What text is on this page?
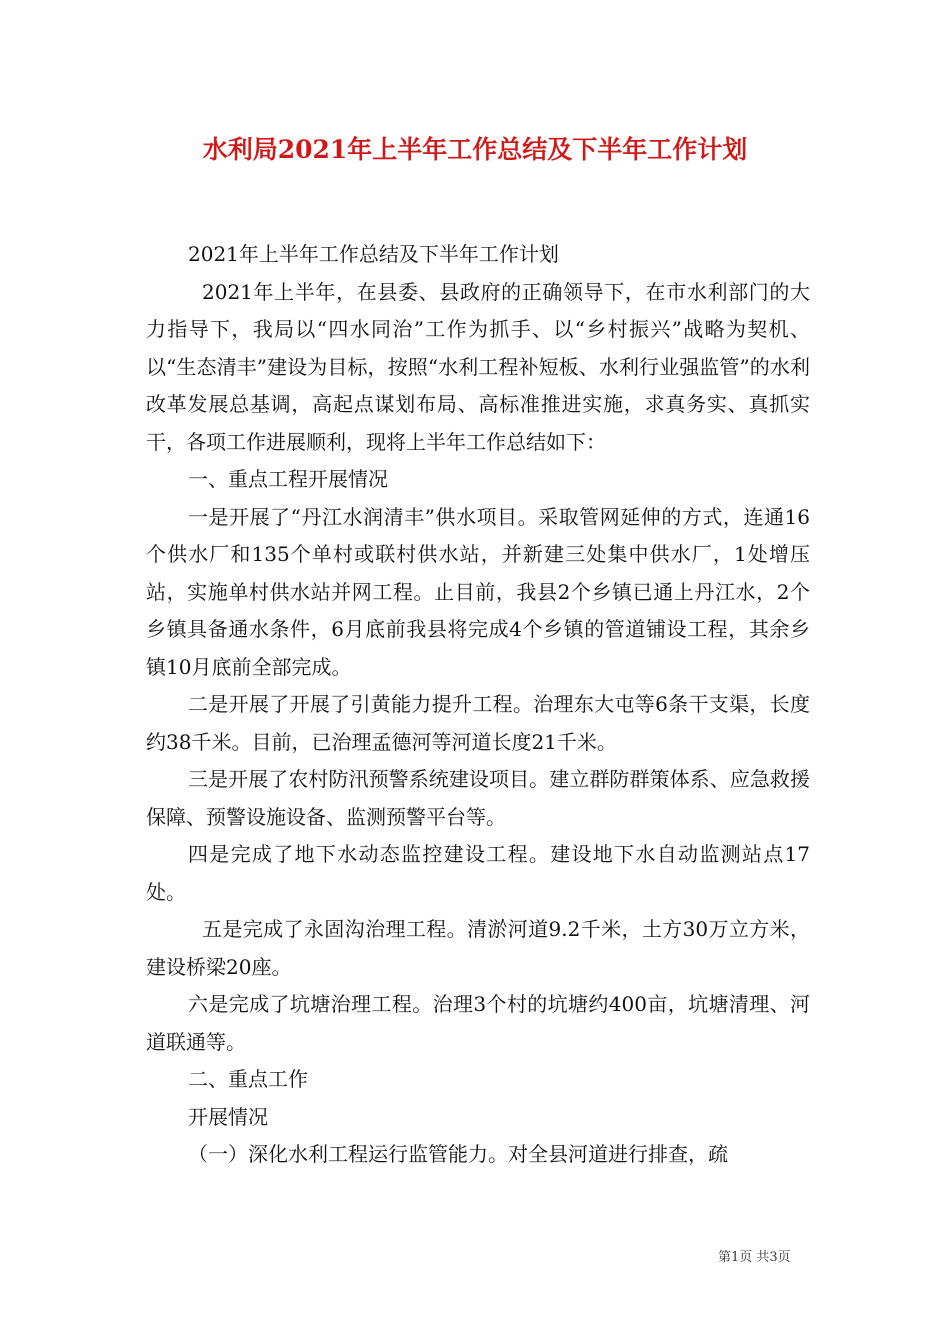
水利局2021年上半年工作总结及下半年工作计划

2021年上半年工作总结及下半年工作计划

2021年上半年，在县委、县政府的正确领导下，在市水利部门的大力指导下，我局以“四水同治”工作为抓手、以“乡村振兴”战略为契机、以“生态清丰”建设为目标，按照“水利工程补短板、水利行业强监管”的水利改革发展总基调，高起点谋划布局、高标准推进实施，求真务实、真抓实干，各项工作进展顺利，现将上半年工作总结如下：

一、重点工程开展情况

一是开展了“丹江水润清丰”供水项目。采取管网延伸的方式，连通16个供水厂和135个单村或联村供水站，并新建三处集中供水厂，1处增压站，实施单村供水站并网工程。止目前，我县2个乡镇已通上丹江水，2个乡镇具备通水条件，6月底前我县将完成4个乡镇的管道铺设工程，其余乡镇10月底前全部完成。

二是开展了开展了引黄能力提升工程。治理东大屯等6条干支渠，长度约38千米。目前，已治理孟德河等河道长度21千米。

三是开展了农村防汛预警系统建设项目。建立群防群策体系、应急救援保障、预警设施设备、监测预警平台等。

四是完成了地下水动态监控建设工程。建设地下水自动监测站点17处。

五是完成了永固沟治理工程。清淤河道9.2千米，土方30万立方米，建设桥梁20座。

六是完成了坑塘治理工程。治理3个村的坑塘约400亩，坑塘清理、河道联通等。

二、重点工作

开展情况

（一）深化水利工程运行监管能力。对全县河道进行排查，疏

第1页 共3页
